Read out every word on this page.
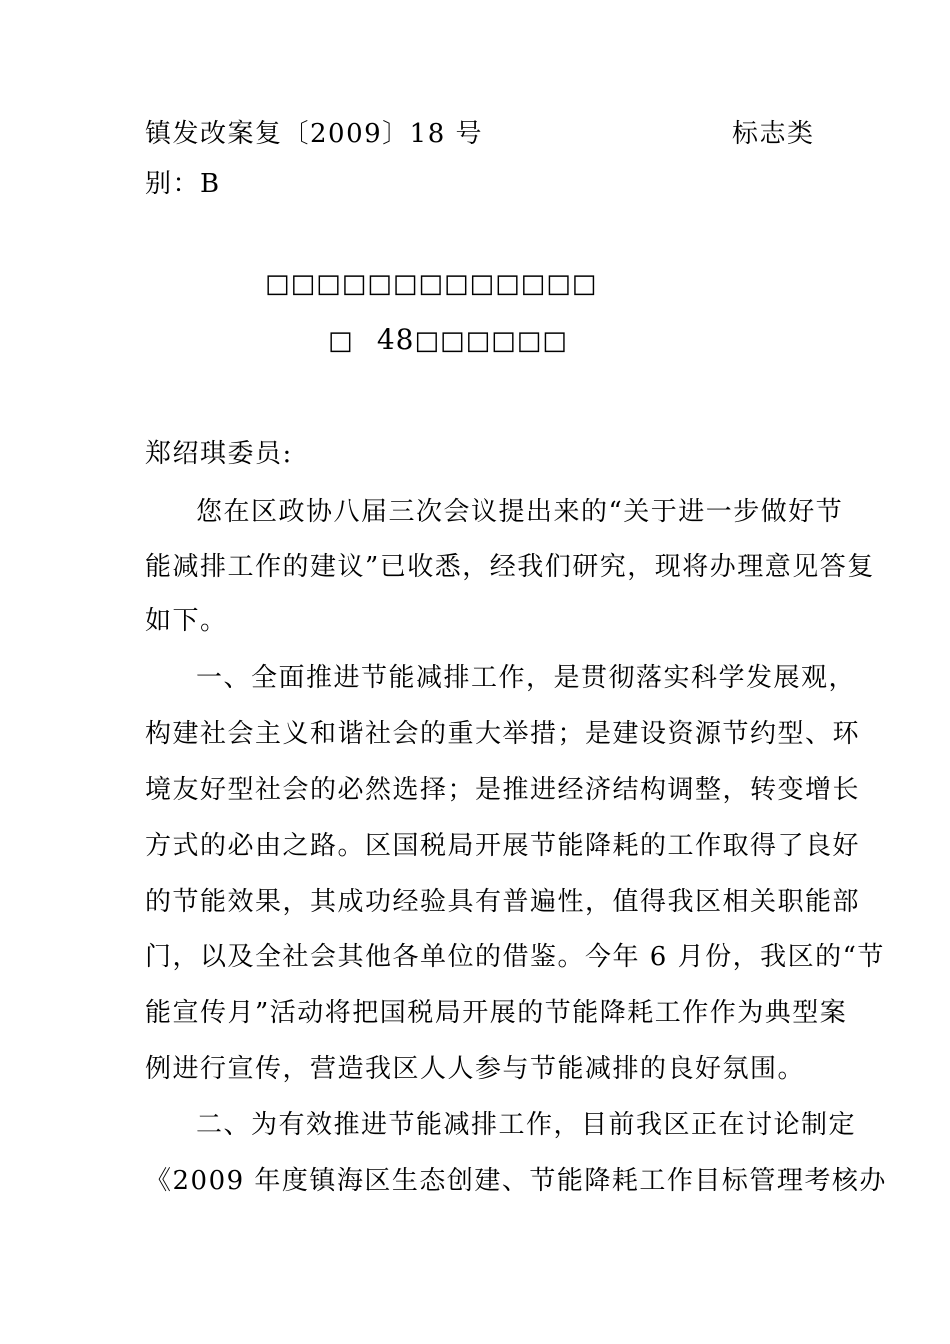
镇发改案复〔2009〕18 号	标志类
别：B
□□□□□□□□□□□□□
□ 48□□□□□□
郑绍琪委员:
您在区政协八届三次会议提出来的“关于进一步做好节
能减排工作的建议”已收悉，经我们研究，现将办理意见答复
如下。
一、全面推进节能减排工作，是贯彻落实科学发展观，
构建社会主义和谐社会的重大举措；是建设资源节约型、环
境友好型社会的必然选择；是推进经济结构调整，转变增长
方式的必由之路。区国税局开展节能降耗的工作取得了良好
的节能效果，其成功经验具有普遍性，值得我区相关职能部
门，以及全社会其他各单位的借鉴。今年 6 月份，我区的“节
能宣传月”活动将把国税局开展的节能降耗工作作为典型案
例进行宣传，营造我区人人参与节能减排的良好氛围。
二、为有效推进节能减排工作，目前我区正在讨论制定
《2009 年度镇海区生态创建、节能降耗工作目标管理考核办
